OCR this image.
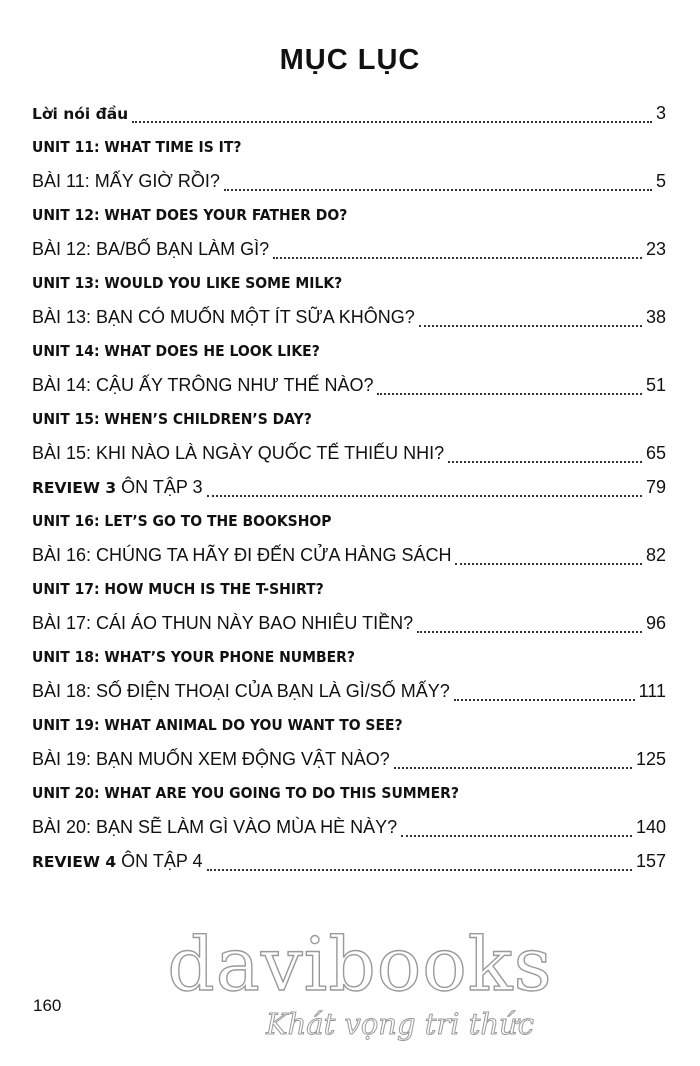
MỤC LỤC
Lời nói đầu	3
UNIT 11: WHAT TIME IS IT?
BÀI 11: MẤY GIỜ RỒI?	5
UNIT 12: WHAT DOES YOUR FATHER DO?
BÀI 12: BA/BỐ BẠN LÀM GÌ?	23
UNIT 13: WOULD YOU LIKE SOME MILK?
BÀI 13: BẠN CÓ MUỐN MỘT ÍT SỮA KHÔNG?	38
UNIT 14: WHAT DOES HE LOOK LIKE?
BÀI 14: CẬU ẤY TRÔNG NHƯ THẾ NÀO?	51
UNIT 15: WHEN’S CHILDREN’S DAY?
BÀI 15: KHI NÀO LÀ NGÀY QUỐC TẾ THIẾU NHI?	65
REVIEW 3 ÔN TẬP 3	79
UNIT 16: LET’S GO TO THE BOOKSHOP
BÀI 16: CHÚNG TA HÃY ĐI ĐẾN CỬA HÀNG SÁCH	82
UNIT 17: HOW MUCH IS THE T-SHIRT?
BÀI 17: CÁI ÁO THUN NÀY BAO NHIÊU TIỀN?	96
UNIT 18: WHAT’S YOUR PHONE NUMBER?
BÀI 18: SỐ ĐIỆN THOẠI CỦA BẠN LÀ GÌ/SỐ MẤY?	111
UNIT 19: WHAT ANIMAL DO YOU WANT TO SEE?
BÀI 19: BẠN MUỐN XEM ĐỘNG VẬT NÀO?	125
UNIT 20: WHAT ARE YOU GOING TO DO THIS SUMMER?
BÀI 20: BẠN SẼ LÀM GÌ VÀO MÙA HÈ NÀY?	140
REVIEW 4 ÔN TẬP 4	157
160 davibooks
Khát vọng tri thức
